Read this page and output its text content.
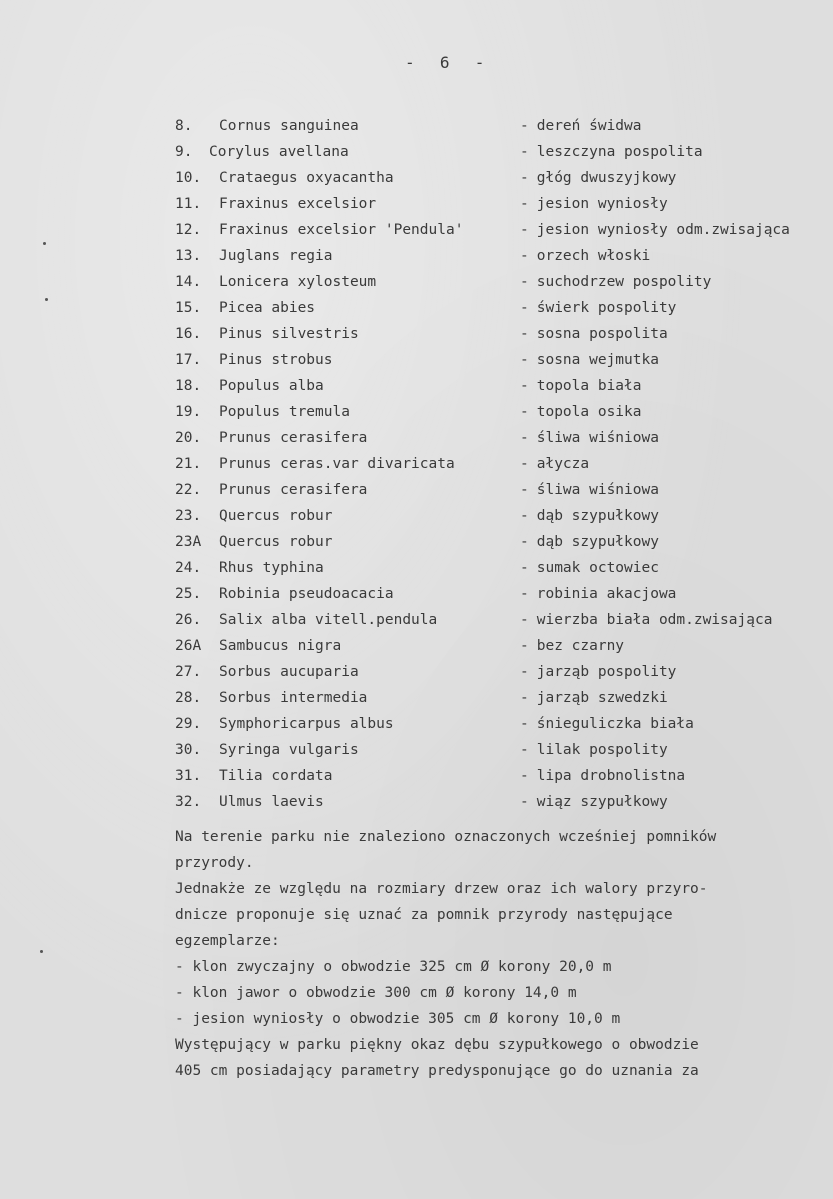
-  6  -
8. Cornus sanguinea	- dereń świdwa
9. Corylus avellana	- leszczyna pospolita
10. Crataegus oxyacantha	- głóg dwuszyjkowy
11. Fraxinus excelsior	- jesion wyniosły
12. Fraxinus excelsior 'Pendula'	- jesion wyniosły odm.zwisająca
13. Juglans regia	- orzech włoski
14. Lonicera xylosteum	- suchodrzew pospolity
15. Picea abies	- świerk pospolity
16. Pinus silvestris	- sosna pospolita
17. Pinus strobus	- sosna wejmutka
18. Populus alba	- topola biała
19. Populus tremula	- topola osika
20. Prunus cerasifera	- śliwa wiśniowa
21. Prunus ceras.var divaricata	- ałycza
22. Prunus cerasifera	- śliwa wiśniowa
23. Quercus robur	- dąb szypułkowy
23A Quercus robur	- dąb szypułkowy
24. Rhus typhina	- sumak octowiec
25. Robinia pseudoacacia	- robinia akacjowa
26. Salix alba vitell.pendula	- wierzba biała odm.zwisająca
26A Sambucus nigra	- bez czarny
27. Sorbus aucuparia	- jarząb pospolity
28. Sorbus intermedia	- jarząb szwedzki
29. Symphoricarpus albus	- śnieguliczka biała
30. Syringa vulgaris	- lilak pospolity
31. Tilia cordata	- lipa drobnolistna
32. Ulmus laevis	- wiąz szypułkowy

Na terenie parku nie znaleziono oznaczonych wcześniej pomników

przyrody.

Jednakże ze względu na rozmiary drzew oraz ich walory przyro-

dnicze proponuje się uznać za pomnik przyrody następujące

egzemplarze:

- klon zwyczajny o obwodzie 325 cm Ø korony 20,0 m

- klon jawor o obwodzie 300 cm Ø korony 14,0 m

- jesion wyniosły o obwodzie 305 cm Ø korony 10,0 m

Występujący w parku piękny okaz dębu szypułkowego o obwodzie

405 cm posiadający parametry predysponujące go do uznania za
